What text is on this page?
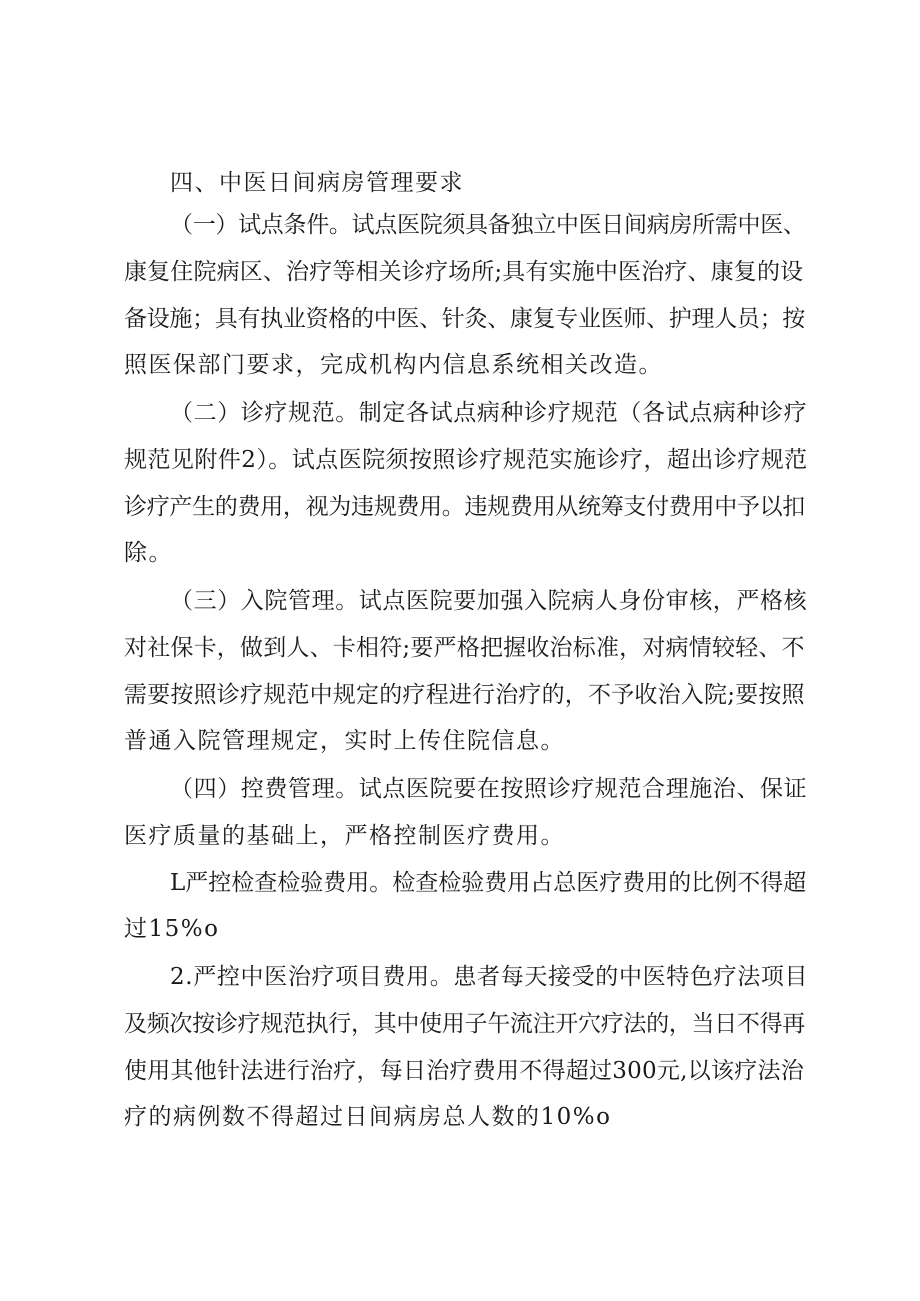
四、中医日间病房管理要求
（一）试点条件。试点医院须具备独立中医日间病房所需中医、
康复住院病区、治疗等相关诊疗场所;具有实施中医治疗、康复的设
备设施；具有执业资格的中医、针灸、康复专业医师、护理人员；按
照医保部门要求，完成机构内信息系统相关改造。
（二）诊疗规范。制定各试点病种诊疗规范（各试点病种诊疗
规范见附件2）。试点医院须按照诊疗规范实施诊疗，超出诊疗规范
诊疗产生的费用，视为违规费用。违规费用从统筹支付费用中予以扣
除。
（三）入院管理。试点医院要加强入院病人身份审核，严格核
对社保卡，做到人、卡相符;要严格把握收治标准，对病情较轻、不
需要按照诊疗规范中规定的疗程进行治疗的，不予收治入院;要按照
普通入院管理规定，实时上传住院信息。
（四）控费管理。试点医院要在按照诊疗规范合理施治、保证
医疗质量的基础上，严格控制医疗费用。
L严控检查检验费用。检查检验费用占总医疗费用的比例不得超
过15%o
2.严控中医治疗项目费用。患者每天接受的中医特色疗法项目
及频次按诊疗规范执行，其中使用子午流注开穴疗法的，当日不得再
使用其他针法进行治疗，每日治疗费用不得超过300元,以该疗法治
疗的病例数不得超过日间病房总人数的10%o
